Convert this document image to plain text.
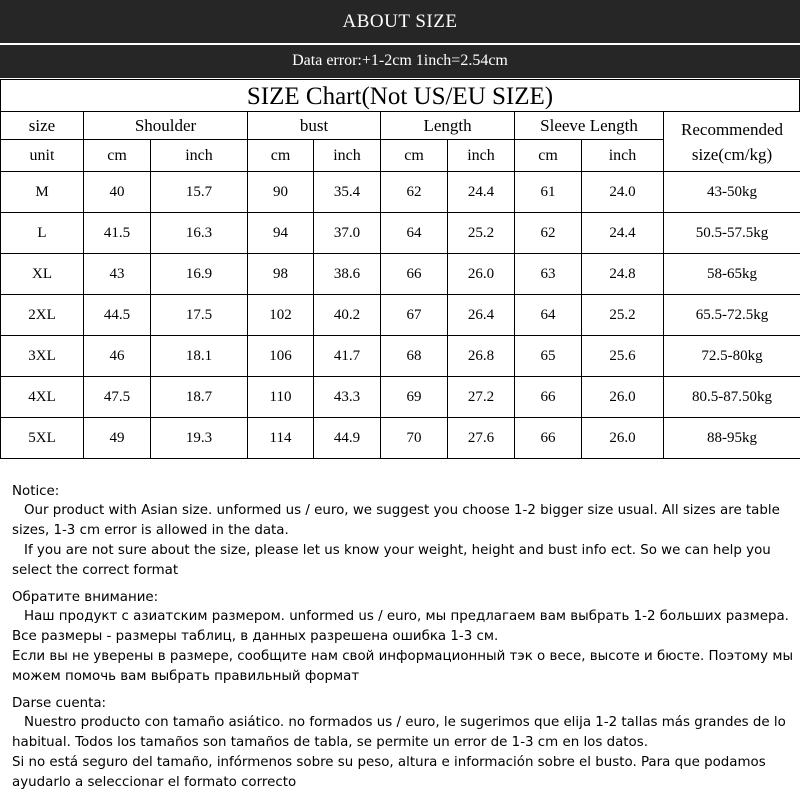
ABOUT SIZE
Data error:+1-2cm 1inch=2.54cm
SIZE Chart(Not US/EU SIZE)
size	Shoulder		bust		Length		Sleeve Length		Recommended
size(cm/kg)
unit	cm	inch	cm	inch	cm	inch	cm	inch	
M	40	15.7	90	35.4	62	24.4	61	24.0	43-50kg
L	41.5	16.3	94	37.0	64	25.2	62	24.4	50.5-57.5kg
XL	43	16.9	98	38.6	66	26.0	63	24.8	58-65kg
2XL	44.5	17.5	102	40.2	67	26.4	64	25.2	65.5-72.5kg
3XL	46	18.1	106	41.7	68	26.8	65	25.6	72.5-80kg
4XL	47.5	18.7	110	43.3	69	27.2	66	26.0	80.5-87.50kg
5XL	49	19.3	114	44.9	70	27.6	66	26.0	88-95kg

Notice:

Our product with Asian size. unformed us / euro, we suggest you choose 1-2 bigger size usual. All sizes are table sizes, 1-3 cm error is allowed in the data.

If you are not sure about the size, please let us know your weight, height and bust info ect. So we can help you select the correct format

Обратите внимание:

Наш продукт с азиатским размером. unformed us / euro, мы предлагаем вам выбрать 1-2 больших размера. Все размеры - размеры таблиц, в данных разрешена ошибка 1-3 см.

Если вы не уверены в размере, сообщите нам свой информационный тэк о весе, высоте и бюсте. Поэтому мы можем помочь вам выбрать правильный формат

Darse cuenta:

Nuestro producto con tamaño asiático. no formados us / euro, le sugerimos que elija 1-2 tallas más grandes de lo habitual. Todos los tamaños son tamaños de tabla, se permite un error de 1-3 cm en los datos.

Si no está seguro del tamaño, infórmenos sobre su peso, altura e información sobre el busto. Para que podamos ayudarlo a seleccionar el formato correcto
